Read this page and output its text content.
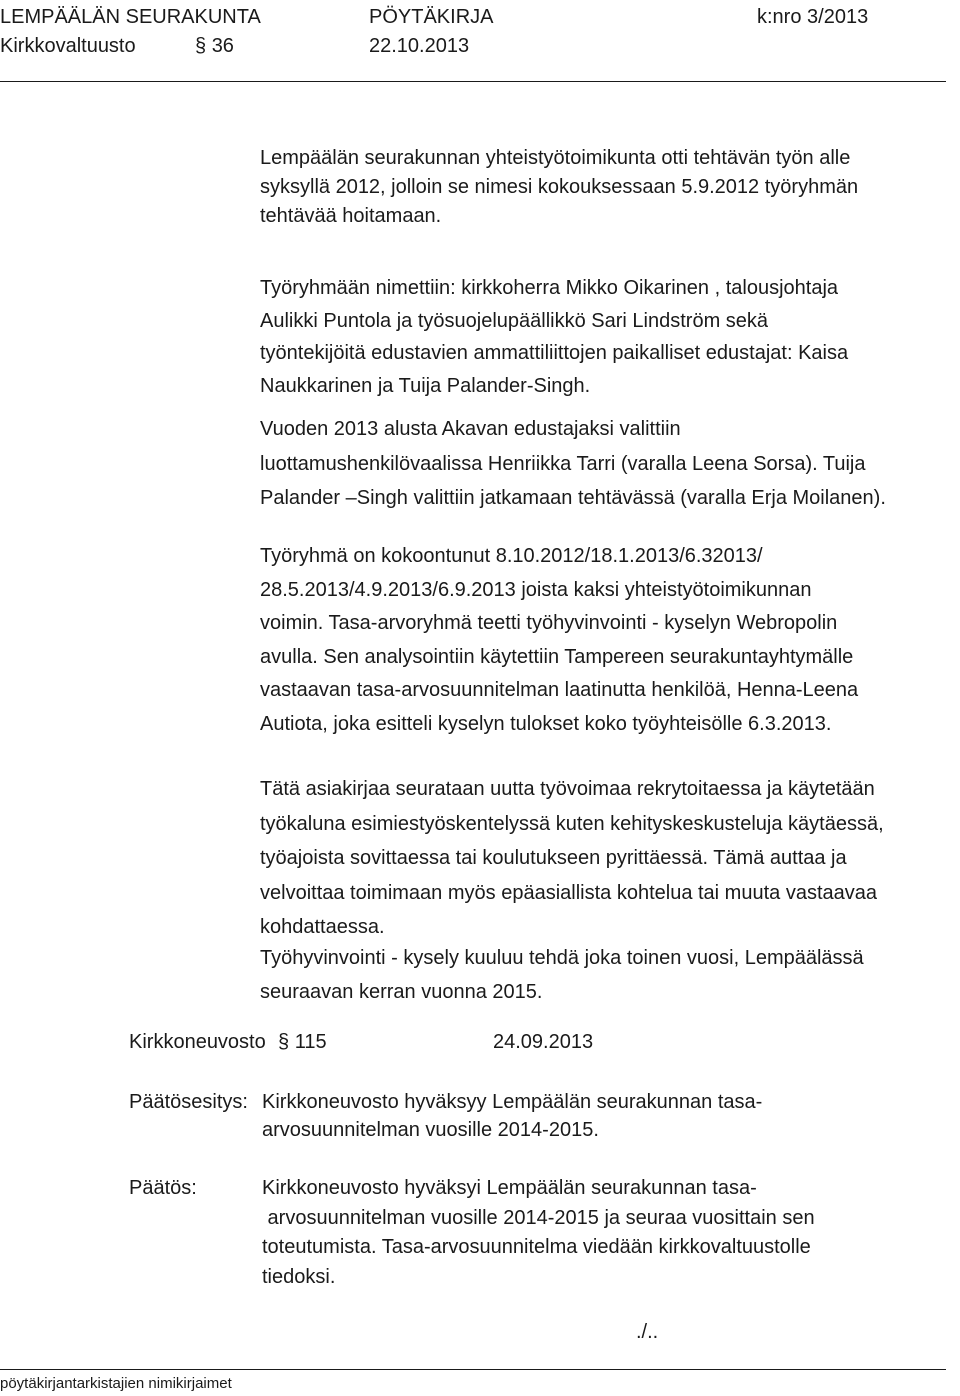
LEMPÄÄLÄN SEURAKUNTA	PÖYTÄKIRJA	k:nro 3/2013
Kirkkovaltuusto	§ 36	22.10.2013
Lempäälän seurakunnan yhteistyötoimikunta otti tehtävän työn alle
syksyllä 2012, jolloin se nimesi kokouksessaan 5.9.2012 työryhmän
tehtävää hoitamaan.
Työryhmään nimettiin: kirkkoherra Mikko Oikarinen , talousjohtaja
Aulikki Puntola ja työsuojelupäällikkö Sari Lindström sekä
työntekijöitä edustavien ammattiliittojen paikalliset edustajat: Kaisa
Naukkarinen ja Tuija Palander-Singh.
Vuoden 2013 alusta Akavan edustajaksi valittiin
luottamushenkilövaalissa Henriikka Tarri (varalla Leena Sorsa). Tuija
Palander –Singh valittiin jatkamaan tehtävässä (varalla Erja Moilanen).
Työryhmä on kokoontunut 8.10.2012/18.1.2013/6.32013/
28.5.2013/4.9.2013/6.9.2013 joista kaksi yhteistyötoimikunnan
voimin. Tasa-arvoryhmä teetti työhyvinvointi - kyselyn Webropolin
avulla. Sen analysointiin käytettiin Tampereen seurakuntayhtymälle
vastaavan tasa-arvosuunnitelman laatinutta henkilöä, Henna-Leena
Autiota, joka esitteli kyselyn tulokset koko työyhteisölle 6.3.2013.
Tätä asiakirjaa seurataan uutta työvoimaa rekrytoitaessa ja käytetään
työkaluna esimiestyöskentelyssä kuten kehityskeskusteluja käytäessä,
työajoista sovittaessa tai koulutukseen pyrittäessä. Tämä auttaa ja
velvoittaa toimimaan myös epäasiallista kohtelua tai muuta vastaavaa
kohdattaessa.
Työhyvinvointi - kysely kuuluu tehdä joka toinen vuosi, Lempäälässä
seuraavan kerran vuonna 2015.
Kirkkoneuvosto § 115	24.09.2013
Päätösesitys: Kirkkoneuvosto hyväksyy Lempäälän seurakunnan tasa-
arvosuunnitelman vuosille 2014-2015.
Päätös:	Kirkkoneuvosto hyväksyi Lempäälän seurakunnan tasa-
arvosuunnitelman vuosille 2014-2015 ja seuraa vuosittain sen
toteutumista. Tasa-arvosuunnitelma viedään kirkkovaltuustolle
tiedoksi.
./..
pöytäkirjantarkistajien nimikirjaimet
